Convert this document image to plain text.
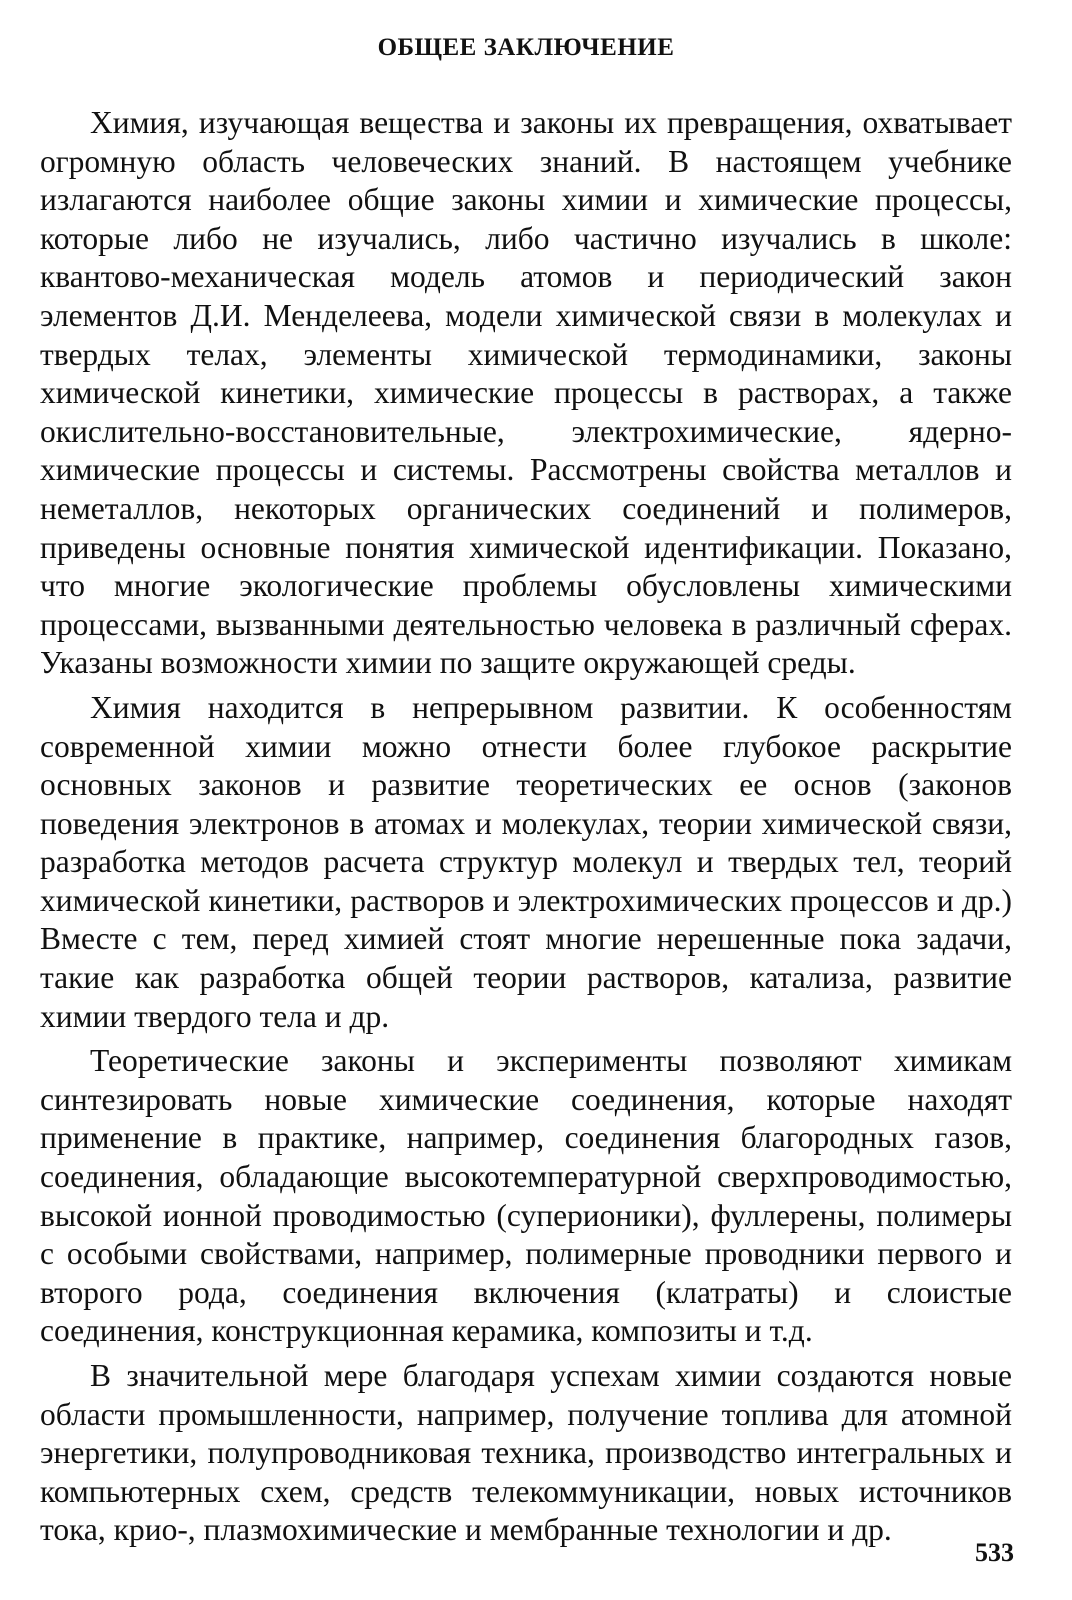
ОБЩЕЕ ЗАКЛЮЧЕНИЕ

Химия, изучающая вещества и законы их превращения, охватывает огромную область человеческих знаний. В настоящем учебнике излагаются наиболее общие законы химии и химические процессы, которые либо не изучались, либо частично изучались в школе: квантово-механическая модель атомов и периодический закон элементов Д.И. Менделеева, модели химической связи в молекулах и твердых телах, элементы химической термодинамики, законы химической кинетики, химические процессы в растворах, а также окислительно-восстановительные, электрохимические, ядерно-химические процессы и системы. Рассмотрены свойства металлов и неметаллов, некоторых органических соединений и полимеров, приведены основные понятия химической идентификации. Показано, что многие экологические проблемы обусловлены химическими процессами, вызванными деятельностью человека в различный сферах. Указаны возможности химии по защите окружающей среды.

Химия находится в непрерывном развитии. К особенностям современной химии можно отнести более глубокое раскрытие основных законов и развитие теоретических ее основ (законов поведения электронов в атомах и молекулах, теории химической связи, разработка методов расчета структур молекул и твердых тел, теорий химической кинетики, растворов и электрохимических процессов и др.) Вместе с тем, перед химией стоят многие нерешенные пока задачи, такие как разработка общей теории растворов, катализа, развитие химии твердого тела и др.

Теоретические законы и эксперименты позволяют химикам синтезировать новые химические соединения, которые находят применение в практике, например, соединения благородных газов, соединения, обладающие высокотемпературной сверхпроводимостью, высокой ионной проводимостью (суперионики), фуллерены, полимеры с особыми свойствами, например, полимерные проводники первого и второго рода, соединения включения (клатраты) и слоистые соединения, конструкционная керамика, композиты и т.д.

В значительной мере благодаря успехам химии создаются новые области промышленности, например, получение топлива для атомной энергетики, полупроводниковая техника, производство интегральных и компьютерных схем, средств телекоммуникации, новых источников тока, крио-, плазмохимические и мембранные технологии и др.

533
